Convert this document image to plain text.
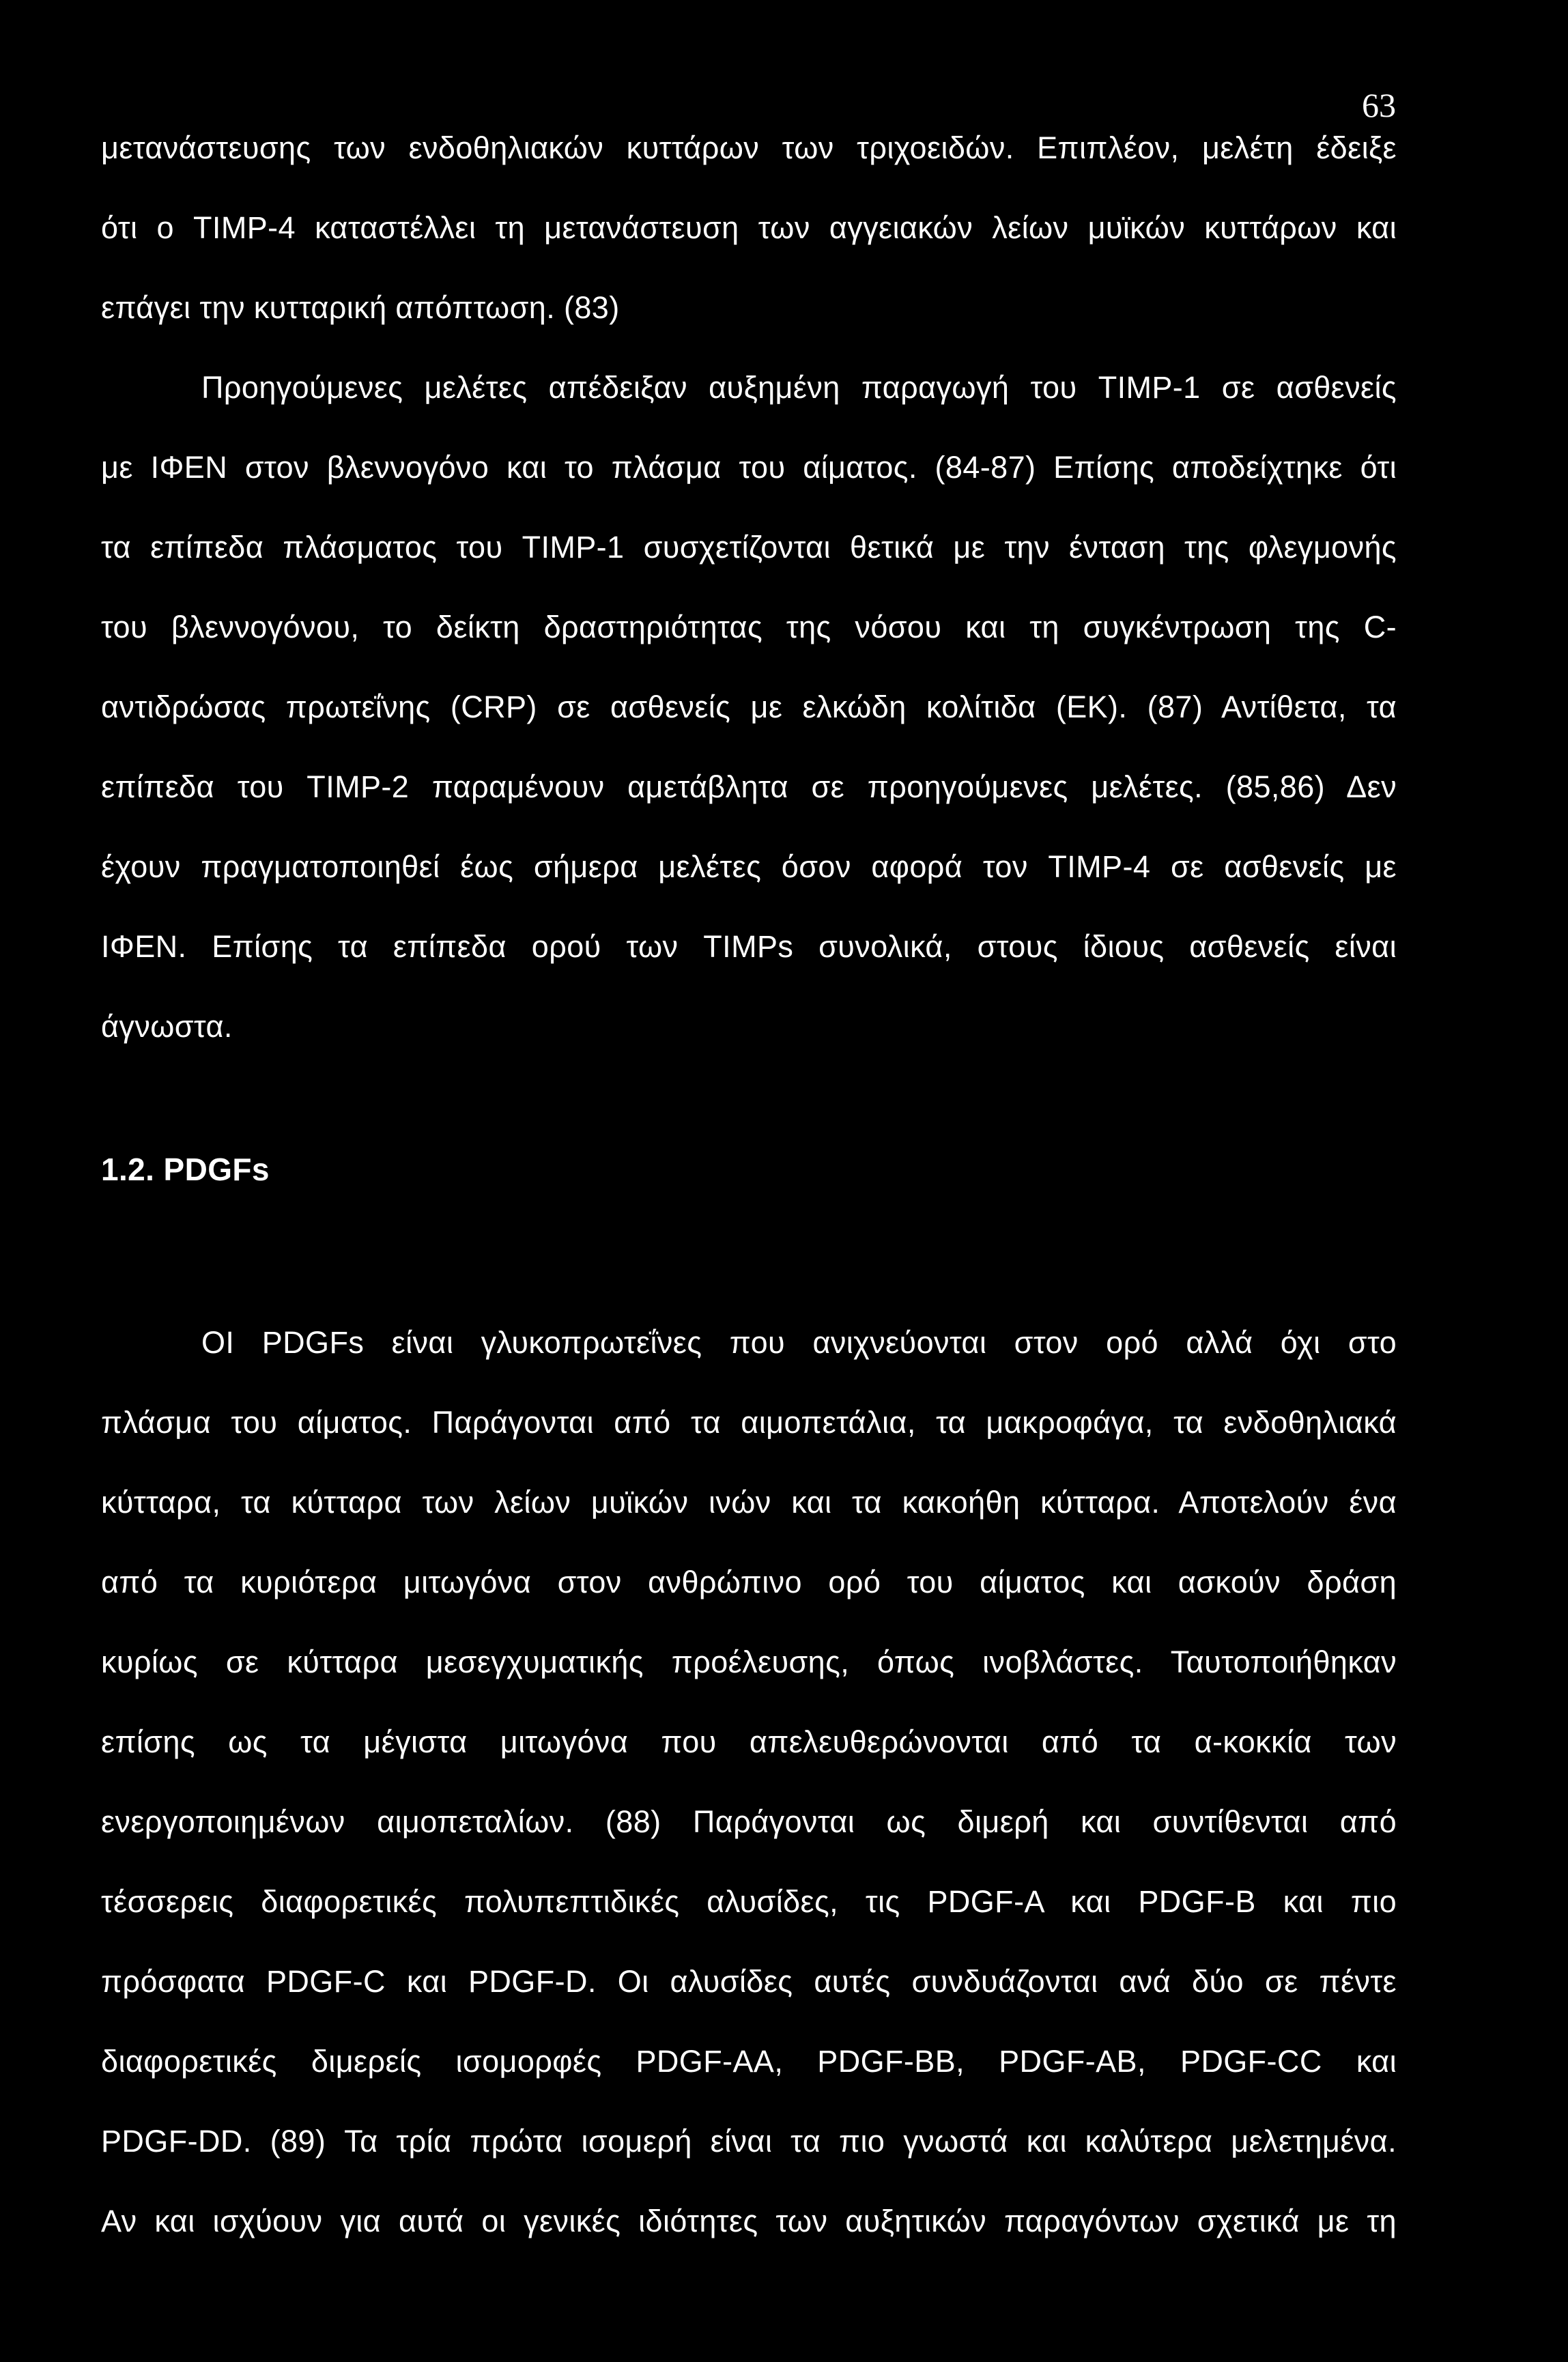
63
μετανάστευσης των ενδοθηλιακών κυττάρων των τριχοειδών. Επιπλέον, μελέτη έδειξε
ότι ο TIMP-4 καταστέλλει τη μετανάστευση των αγγειακών λείων μυϊκών κυττάρων και
επάγει την κυτταρική απόπτωση. (83)
Προηγούμενες μελέτες απέδειξαν αυξημένη παραγωγή του TIMP-1 σε ασθενείς
με ΙΦΕΝ στον βλεννογόνο και το πλάσμα του αίματος. (84-87) Επίσης αποδείχτηκε ότι
τα επίπεδα πλάσματος του TIMP-1 συσχετίζονται θετικά με την ένταση της φλεγμονής
του βλεννογόνου, το δείκτη δραστηριότητας της νόσου και τη συγκέντρωση της C-
αντιδρώσας πρωτεΐνης (CRP) σε ασθενείς με ελκώδη κολίτιδα (ΕΚ). (87) Αντίθετα, τα
επίπεδα του TIMP-2 παραμένουν αμετάβλητα σε προηγούμενες μελέτες. (85,86) Δεν
έχουν πραγματοποιηθεί έως σήμερα μελέτες όσον αφορά τον TIMP-4 σε ασθενείς με
ΙΦΕΝ. Επίσης τα επίπεδα ορού των TIMPs συνολικά, στους ίδιους ασθενείς είναι
άγνωστα.
1.2. PDGFs
ΟΙ PDGFs είναι γλυκοπρωτεΐνες που ανιχνεύονται στον ορό αλλά όχι στο
πλάσμα του αίματος. Παράγονται από τα αιμοπετάλια, τα μακροφάγα, τα ενδοθηλιακά
κύτταρα, τα κύτταρα των λείων μυϊκών ινών και τα κακοήθη κύτταρα. Αποτελούν ένα
από τα κυριότερα μιτωγόνα στον ανθρώπινο ορό του αίματος και ασκούν δράση
κυρίως σε κύτταρα μεσεγχυματικής προέλευσης, όπως ινοβλάστες. Ταυτοποιήθηκαν
επίσης ως τα μέγιστα μιτωγόνα που απελευθερώνονται από τα α-κοκκία των
ενεργοποιημένων αιμοπεταλίων. (88) Παράγονται ως διμερή και συντίθενται από
τέσσερεις διαφορετικές πολυπεπτιδικές αλυσίδες, τις PDGF-A και PDGF-B και πιο
πρόσφατα PDGF-C και PDGF-D. Οι αλυσίδες αυτές συνδυάζονται ανά δύο σε πέντε
διαφορετικές διμερείς ισομορφές PDGF-AA, PDGF-BB, PDGF-AB, PDGF-CC και
PDGF-DD. (89) Τα τρία πρώτα ισομερή είναι τα πιο γνωστά και καλύτερα μελετημένα.
Αν και ισχύουν για αυτά οι γενικές ιδιότητες των αυξητικών παραγόντων σχετικά με τη
